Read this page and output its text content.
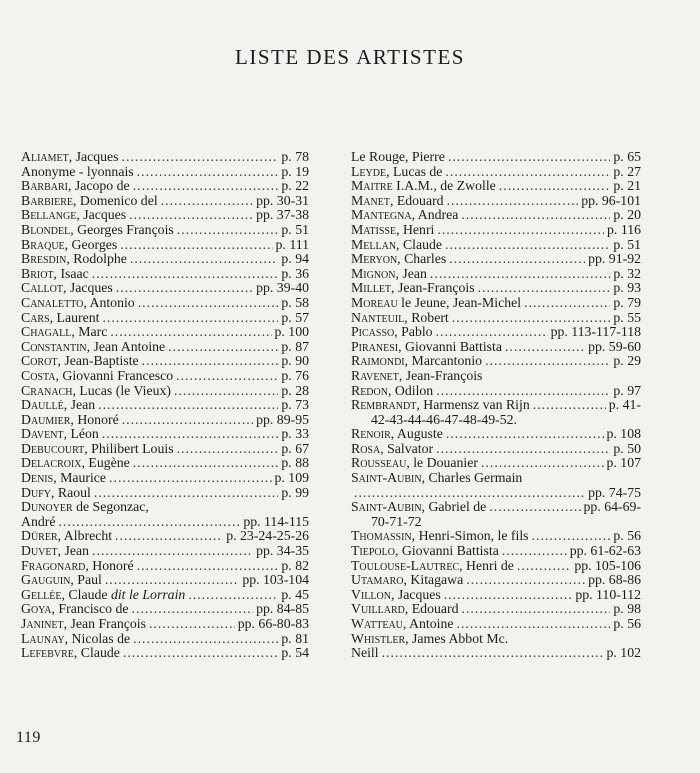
LISTE DES ARTISTES
Aliamet, Jacques .....	p. 78
Anonyme - lyonnais .....	p. 19
Barbari, Jacopo de .....	p. 22
Barbiere, Domenico del .....	pp. 30-31
Bellange, Jacques .....	pp. 37-38
Blondel, Georges François .....	p. 51
Braque, Georges .....	p. 111
Bresdin, Rodolphe .....	p. 94
Briot, Isaac .....	p. 36
Callot, Jacques .....	pp. 39-40
Canaletto, Antonio .....	p. 58
Cars, Laurent .....	p. 57
Chagall, Marc .....	p. 100
Constantin, Jean Antoine .....	p. 87
Corot, Jean-Baptiste .....	p. 90
Costa, Giovanni Francesco .....	p. 76
Cranach, Lucas (le Vieux) .....	p. 28
Daullé, Jean .....	p. 73
Daumier, Honoré .....	pp. 89-95
Davent, Léon .....	p. 33
Debucourt, Philibert Louis .....	p. 67
Delacroix, Eugène .....	p. 88
Denis, Maurice .....	p. 109
Dufy, Raoul .....	p. 99
Dunoyer de Segonzac,
André .....	pp. 114-115
Dürer, Albrecht .....	p. 23-24-25-26
Duvet, Jean .....	pp. 34-35
Fragonard, Honoré .....	p. 82
Gauguin, Paul .....	pp. 103-104
Gellée, Claude dit le Lorrain .....	p. 45
Goya, Francisco de .....	pp. 84-85
Janinet, Jean François .....	pp. 66-80-83
Launay, Nicolas de .....	p. 81
Lefebvre, Claude .....	p. 54
Le Rouge, Pierre .....	p. 65
Leyde, Lucas de .....	p. 27
Maitre I.A.M., de Zwolle .....	p. 21
Manet, Edouard .....	pp. 96-101
Mantegna, Andrea .....	p. 20
Matisse, Henri .....	p. 116
Mellan, Claude .....	p. 51
Meryon, Charles .....	pp. 91-92
Mignon, Jean .....	p. 32
Millet, Jean-François .....	p. 93
Moreau le Jeune, Jean-Michel .....	p. 79
Nanteuil, Robert .....	p. 55
Picasso, Pablo .....	pp. 113-117-118
Piranesi, Giovanni Battista .....	pp. 59-60
Raimondi, Marcantonio .....	p. 29
Ravenet, Jean-François
Redon, Odilon .....	p. 97
Rembrandt, Harmensz van Rijn .....	p. 41-
42-43-44-46-47-48-49-52.
Renoir, Auguste .....	p. 108
Rosa, Salvator .....	p. 50
Rousseau, le Douanier .....	p. 107
Saint-Aubin, Charles Germain
.....
pp. 74-75
Saint-Aubin, Gabriel de .....	pp. 64-69-
70-71-72
Thomassin, Henri-Simon, le fils .....	p. 56
Tiepolo, Giovanni Battista .....	pp. 61-62-63
Toulouse-Lautrec, Henri de .....	pp. 105-106
Utamaro, Kitagawa .....	pp. 68-86
Villon, Jacques .....	pp. 110-112
Vuillard, Edouard .....	p. 98
Watteau, Antoine .....	p. 56
Whistler, James Abbot Mc.
Neill .....	p. 102
119
